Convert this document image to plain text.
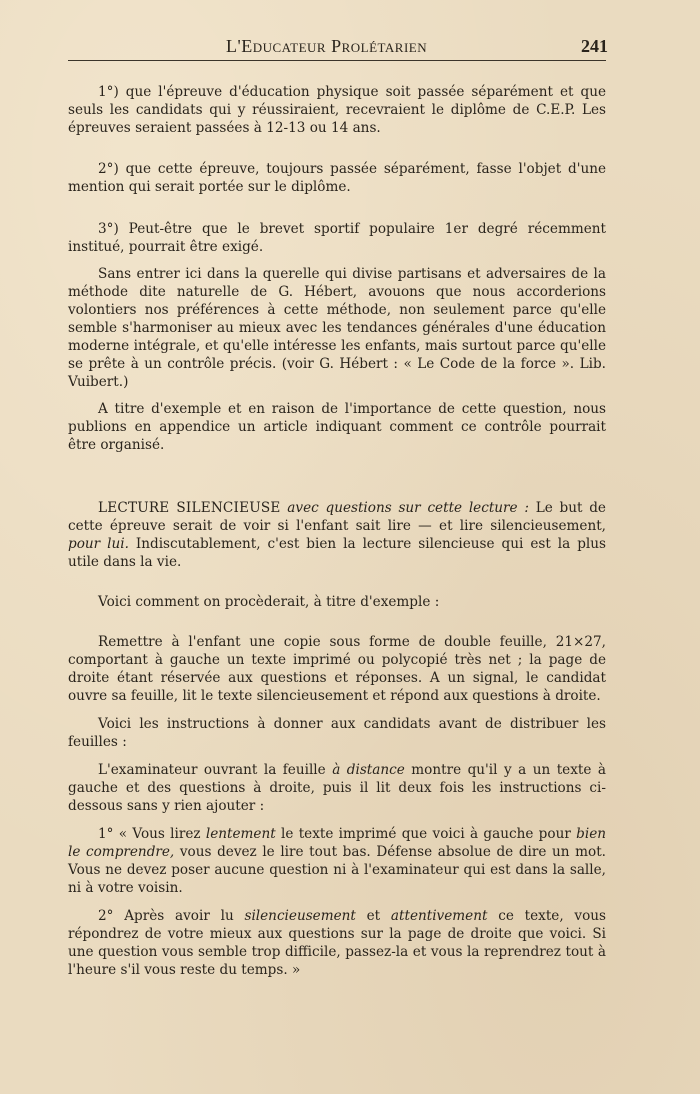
L'Educateur Prolétarien	241

1°) que l'épreuve d'éducation physique soit passée séparément et que seuls les candidats qui y réussiraient, recevraient le diplôme de C.E.P. Les épreuves seraient passées à 12-13 ou 14 ans.

2°) que cette épreuve, toujours passée séparément, fasse l'objet d'une mention qui serait portée sur le diplôme.

3°) Peut-être que le brevet sportif populaire 1er degré récemment institué, pourrait être exigé.

Sans entrer ici dans la querelle qui divise partisans et adversaires de la méthode dite naturelle de G. Hébert, avouons que nous accorderions volontiers nos préférences à cette méthode, non seulement parce qu'elle semble s'harmoniser au mieux avec les tendances générales d'une éducation moderne intégrale, et qu'elle intéresse les enfants, mais surtout parce qu'elle se prête à un contrôle précis. (voir G. Hébert : « Le Code de la force ». Lib. Vuibert.)

A titre d'exemple et en raison de l'importance de cette question, nous publions en appendice un article indiquant comment ce contrôle pourrait être organisé.

LECTURE SILENCIEUSE avec questions sur cette lecture : Le but de cette épreuve serait de voir si l'enfant sait lire — et lire silencieusement, pour lui. Indiscutablement, c'est bien la lecture silencieuse qui est la plus utile dans la vie.

Voici comment on procèderait, à titre d'exemple :

Remettre à l'enfant une copie sous forme de double feuille, 21×27, comportant à gauche un texte imprimé ou polycopié très net ; la page de droite étant réservée aux questions et réponses. A un signal, le candidat ouvre sa feuille, lit le texte silencieusement et répond aux questions à droite.

Voici les instructions à donner aux candidats avant de distribuer les feuilles :

L'examinateur ouvrant la feuille à distance montre qu'il y a un texte à gauche et des questions à droite, puis il lit deux fois les instructions ci-dessous sans y rien ajouter :

1° « Vous lirez lentement le texte imprimé que voici à gauche pour bien le comprendre, vous devez le lire tout bas. Défense absolue de dire un mot. Vous ne devez poser aucune question ni à l'examinateur qui est dans la salle, ni à votre voisin.

2° Après avoir lu silencieusement et attentivement ce texte, vous répondrez de votre mieux aux questions sur la page de droite que voici. Si une question vous semble trop difficile, passez-la et vous la reprendrez tout à l'heure s'il vous reste du temps. »
